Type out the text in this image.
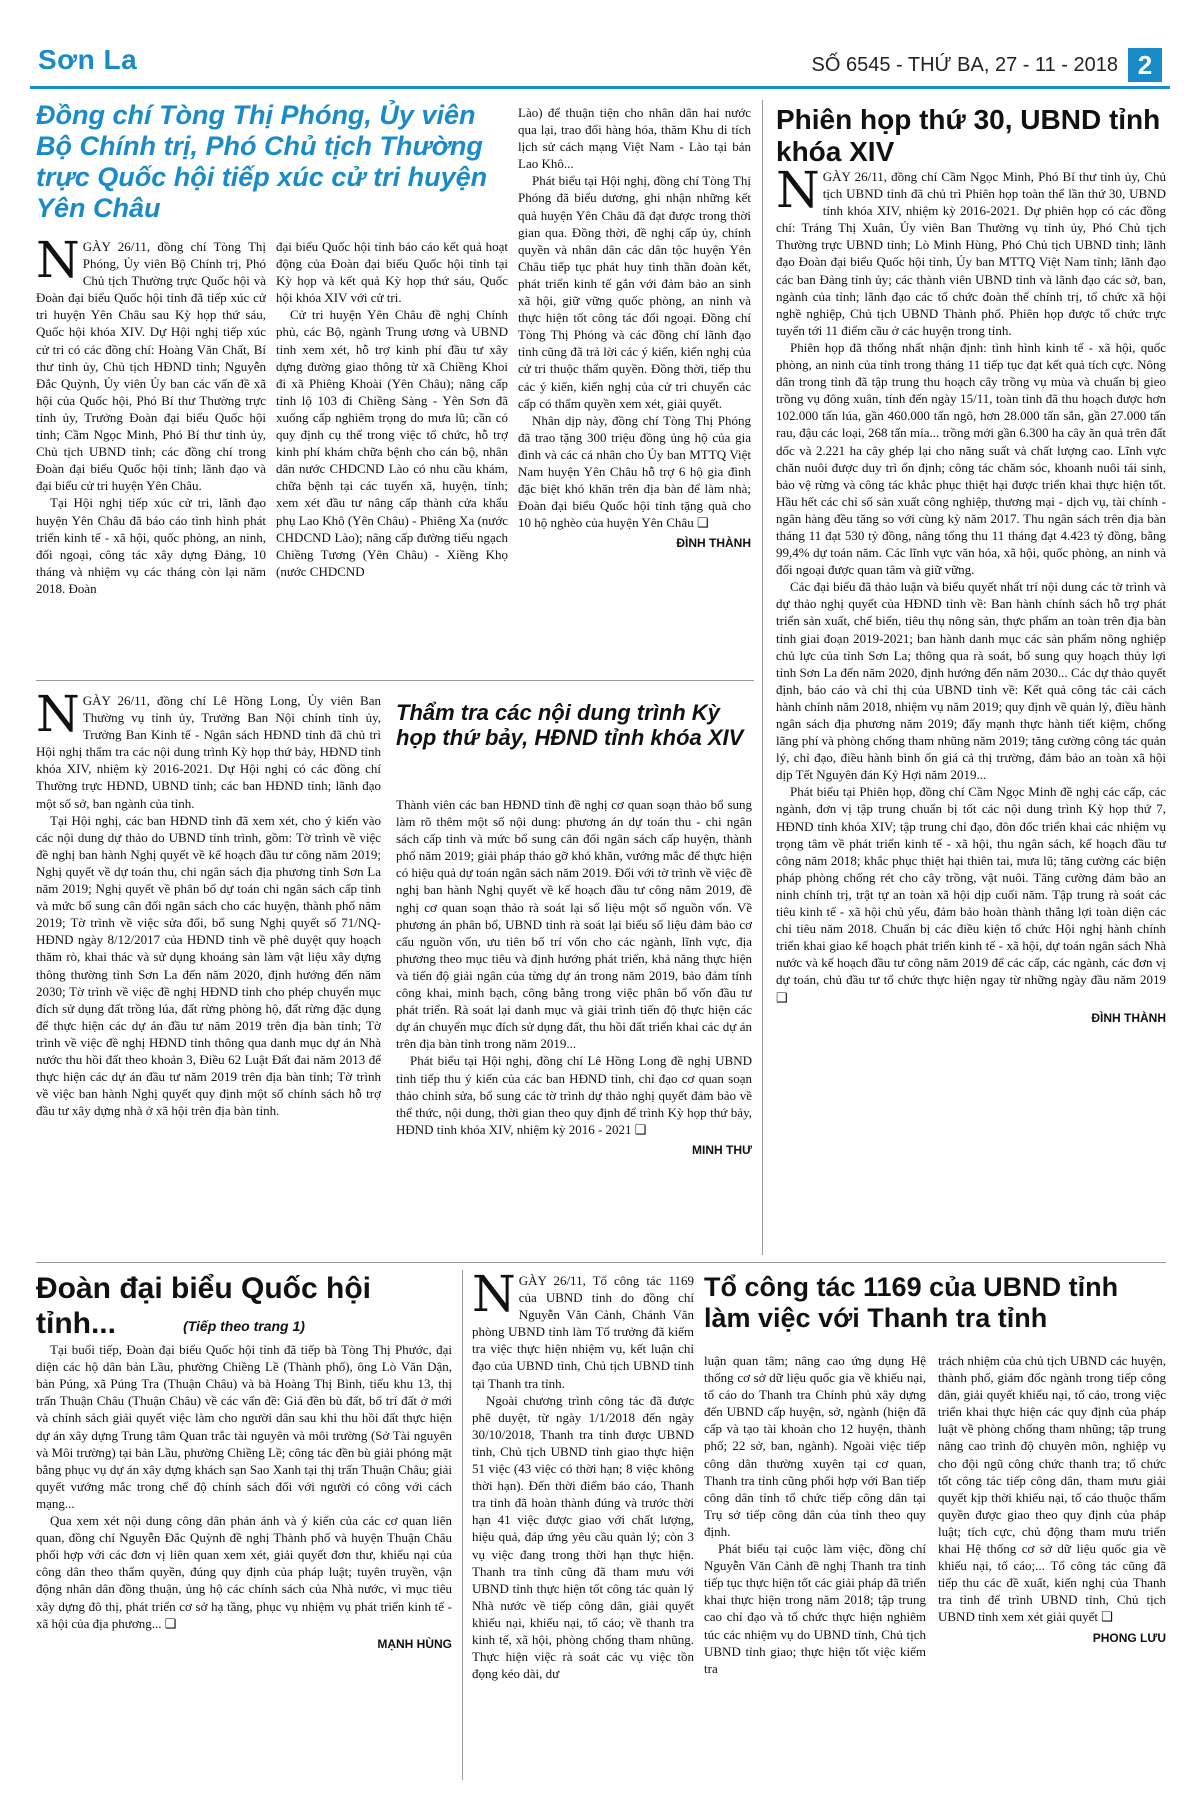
Sơn La	SỐ 6545 - THỨ BA, 27 - 11 - 2018 2
Đồng chí Tòng Thị Phóng, Ủy viên Bộ Chính trị, Phó Chủ tịch Thường trực Quốc hội tiếp xúc cử tri huyện Yên Châu

NGÀY 26/11, đồng chí Tòng Thị Phóng, Ủy viên Bộ Chính trị, Phó Chủ tịch Thường trực Quốc hội và Đoàn đại biểu Quốc hội tỉnh đã tiếp xúc cử tri huyện Yên Châu sau Kỳ họp thứ sáu, Quốc hội khóa XIV. Dự Hội nghị tiếp xúc cử tri có các đồng chí: Hoàng Văn Chất, Bí thư tỉnh ủy, Chủ tịch HĐND tỉnh; Nguyễn Đắc Quỳnh, Ủy viên Ủy ban các vấn đề xã hội của Quốc hội, Phó Bí thư Thường trực tỉnh ủy, Trưởng Đoàn đại biểu Quốc hội tỉnh; Cầm Ngọc Minh, Phó Bí thư tỉnh ủy, Chủ tịch UBND tỉnh; các đồng chí trong Đoàn đại biểu Quốc hội tỉnh; lãnh đạo và đại biểu cử tri huyện Yên Châu.

Tại Hội nghị tiếp xúc cử tri, lãnh đạo huyện Yên Châu đã báo cáo tình hình phát triển kinh tế - xã hội, quốc phòng, an ninh, đối ngoại, công tác xây dựng Đảng, 10 tháng và nhiệm vụ các tháng còn lại năm 2018. Đoàn

đại biểu Quốc hội tỉnh báo cáo kết quả hoạt động của Đoàn đại biểu Quốc hội tỉnh tại Kỳ họp và kết quả Kỳ họp thứ sáu, Quốc hội khóa XIV với cử tri.

Cử tri huyện Yên Châu đề nghị Chính phủ, các Bộ, ngành Trung ương và UBND tỉnh xem xét, hỗ trợ kinh phí đầu tư xây dựng đường giao thông từ xã Chiềng Khoi đi xã Phiêng Khoài (Yên Châu); nâng cấp tỉnh lộ 103 đi Chiềng Sàng - Yên Sơn đã xuống cấp nghiêm trọng do mưa lũ; cần có quy định cụ thể trong việc tổ chức, hỗ trợ kinh phí khám chữa bệnh cho cán bộ, nhân dân nước CHDCND Lào có nhu cầu khám, chữa bệnh tại các tuyến xã, huyện, tỉnh; xem xét đầu tư nâng cấp thành cửa khẩu phụ Lao Khô (Yên Châu) - Phiêng Xa (nước CHDCND Lào); nâng cấp đường tiểu ngạch Chiềng Tương (Yên Châu) - Xiềng Khọ (nước CHDCND

Lào) để thuận tiện cho nhân dân hai nước qua lại, trao đổi hàng hóa, thăm Khu di tích lịch sử cách mạng Việt Nam - Lào tại bản Lao Khô...

Phát biểu tại Hội nghị, đồng chí Tòng Thị Phóng đã biểu dương, ghi nhận những kết quả huyện Yên Châu đã đạt được trong thời gian qua. Đồng thời, đề nghị cấp ủy, chính quyền và nhân dân các dân tộc huyện Yên Châu tiếp tục phát huy tinh thần đoàn kết, phát triển kinh tế gắn với đảm bảo an sinh xã hội, giữ vững quốc phòng, an ninh và thực hiện tốt công tác đối ngoại. Đồng chí Tòng Thị Phóng và các đồng chí lãnh đạo tỉnh cũng đã trả lời các ý kiến, kiến nghị của cử tri thuộc thẩm quyền. Đồng thời, tiếp thu các ý kiến, kiến nghị của cử tri chuyển các cấp có thẩm quyền xem xét, giải quyết.

Nhân dịp này, đồng chí Tòng Thị Phóng đã trao tặng 300 triệu đồng ủng hộ của gia đình và các cá nhân cho Ủy ban MTTQ Việt Nam huyện Yên Châu hỗ trợ 6 hộ gia đình đặc biệt khó khăn trên địa bàn để làm nhà; Đoàn đại biểu Quốc hội tỉnh tặng quà cho 10 hộ nghèo của huyện Yên Châu ❑

ĐÌNH THÀNH
Phiên họp thứ 30, UBND tỉnh khóa XIV

NGÀY 26/11, đồng chí Cầm Ngọc Minh, Phó Bí thư tỉnh ủy, Chủ tịch UBND tỉnh đã chủ trì Phiên họp toàn thể lần thứ 30, UBND tỉnh khóa XIV, nhiệm kỳ 2016-2021. Dự phiên họp có các đồng chí: Tráng Thị Xuân, Ủy viên Ban Thường vụ tỉnh ủy, Phó Chủ tịch Thường trực UBND tỉnh; Lò Minh Hùng, Phó Chủ tịch UBND tỉnh; lãnh đạo Đoàn đại biểu Quốc hội tỉnh, Ủy ban MTTQ Việt Nam tỉnh; lãnh đạo các ban Đảng tỉnh ủy; các thành viên UBND tỉnh và lãnh đạo các sở, ban, ngành của tỉnh; lãnh đạo các tổ chức đoàn thể chính trị, tổ chức xã hội nghề nghiệp, Chủ tịch UBND Thành phố. Phiên họp được tổ chức trực tuyến tới 11 điểm cầu ở các huyện trong tỉnh.

Phiên họp đã thống nhất nhận định: tình hình kinh tế - xã hội, quốc phòng, an ninh của tỉnh trong tháng 11 tiếp tục đạt kết quả tích cực. Nông dân trong tỉnh đã tập trung thu hoạch cây trồng vụ mùa và chuẩn bị gieo trồng vụ đông xuân, tính đến ngày 15/11, toàn tỉnh đã thu hoạch được hơn 102.000 tấn lúa, gần 460.000 tấn ngô, hơn 28.000 tấn sắn, gần 27.000 tấn rau, đậu các loại, 268 tấn mía... trồng mới gần 6.300 ha cây ăn quả trên đất dốc và 2.221 ha cây ghép lại cho năng suất và chất lượng cao. Lĩnh vực chăn nuôi được duy trì ổn định; công tác chăm sóc, khoanh nuôi tái sinh, bảo vệ rừng và công tác khắc phục thiệt hại được triển khai thực hiện tốt. Hầu hết các chỉ số sản xuất công nghiệp, thương mại - dịch vụ, tài chính - ngân hàng đều tăng so với cùng kỳ năm 2017. Thu ngân sách trên địa bàn tháng 11 đạt 530 tỷ đồng, nâng tổng thu 11 tháng đạt 4.423 tỷ đồng, bằng 99,4% dự toán năm. Các lĩnh vực văn hóa, xã hội, quốc phòng, an ninh và đối ngoại được quan tâm và giữ vững.

Các đại biểu đã thảo luận và biểu quyết nhất trí nội dung các tờ trình và dự thảo nghị quyết của HĐND tỉnh về: Ban hành chính sách hỗ trợ phát triển sản xuất, chế biến, tiêu thụ nông sản, thực phẩm an toàn trên địa bàn tỉnh giai đoạn 2019-2021; ban hành danh mục các sản phẩm nông nghiệp chủ lực của tỉnh Sơn La; thông qua rà soát, bổ sung quy hoạch thủy lợi tỉnh Sơn La đến năm 2020, định hướng đến năm 2030... Các dự thảo quyết định, báo cáo và chỉ thị của UBND tỉnh về: Kết quả công tác cải cách hành chính năm 2018, nhiệm vụ năm 2019; quy định về quản lý, điều hành ngân sách địa phương năm 2019; đẩy mạnh thực hành tiết kiệm, chống lãng phí và phòng chống tham nhũng năm 2019; tăng cường công tác quản lý, chỉ đạo, điều hành bình ổn giá cả thị trường, đảm bảo an toàn xã hội dịp Tết Nguyên đán Kỷ Hợi năm 2019...

Phát biểu tại Phiên họp, đồng chí Cầm Ngọc Minh đề nghị các cấp, các ngành, đơn vị tập trung chuẩn bị tốt các nội dung trình Kỳ họp thứ 7, HĐND tỉnh khóa XIV; tập trung chỉ đạo, đôn đốc triển khai các nhiệm vụ trọng tâm về phát triển kinh tế - xã hội, thu ngân sách, kế hoạch đầu tư công năm 2018; khắc phục thiệt hại thiên tai, mưa lũ; tăng cường các biện pháp phòng chống rét cho cây trồng, vật nuôi. Tăng cường đảm bảo an ninh chính trị, trật tự an toàn xã hội dịp cuối năm. Tập trung rà soát các tiêu kinh tế - xã hội chủ yếu, đảm bảo hoàn thành thắng lợi toàn diện các chỉ tiêu năm 2018. Chuẩn bị các điều kiện tổ chức Hội nghị hành chính triển khai giao kế hoạch phát triển kinh tế - xã hội, dự toán ngân sách Nhà nước và kế hoạch đầu tư công năm 2019 để các cấp, các ngành, các đơn vị dự toán, chủ đầu tư tổ chức thực hiện ngay từ những ngày đầu năm 2019 ❑

ĐÌNH THÀNH

NGÀY 26/11, đồng chí Lê Hồng Long, Ủy viên Ban Thường vụ tỉnh ủy, Trưởng Ban Nội chính tỉnh ủy, Trưởng Ban Kinh tế - Ngân sách HĐND tỉnh đã chủ trì Hội nghị thẩm tra các nội dung trình Kỳ họp thứ bảy, HĐND tỉnh khóa XIV, nhiệm kỳ 2016-2021. Dự Hội nghị có các đồng chí Thường trực HĐND, UBND tỉnh; các ban HĐND tỉnh; lãnh đạo một số sở, ban ngành của tỉnh.

Tại Hội nghị, các ban HĐND tỉnh đã xem xét, cho ý kiến vào các nội dung dự thảo do UBND tỉnh trình, gồm: Tờ trình về việc đề nghị ban hành Nghị quyết về kế hoạch đầu tư công năm 2019; Nghị quyết về dự toán thu, chi ngân sách địa phương tỉnh Sơn La năm 2019; Nghị quyết về phân bổ dự toán chi ngân sách cấp tỉnh và mức bổ sung cân đối ngân sách cho các huyện, thành phố năm 2019; Tờ trình về việc sửa đổi, bổ sung Nghị quyết số 71/NQ-HĐND ngày 8/12/2017 của HĐND tỉnh về phê duyệt quy hoạch thăm rò, khai thác và sử dụng khoáng sản làm vật liệu xây dựng thông thường tỉnh Sơn La đến năm 2020, định hướng đến năm 2030; Tờ trình về việc đề nghị HĐND tỉnh cho phép chuyển mục đích sử dụng đất trồng lúa, đất rừng phòng hộ, đất rừng đặc dụng để thực hiện các dự án đầu tư năm 2019 trên địa bàn tỉnh; Tờ trình về việc đề nghị HĐND tỉnh thông qua danh mục dự án Nhà nước thu hồi đất theo khoản 3, Điều 62 Luật Đất đai năm 2013 để thực hiện các dự án đầu tư năm 2019 trên địa bàn tỉnh; Tờ trình về việc ban hành Nghị quyết quy định một số chính sách hỗ trợ đầu tư xây dựng nhà ở xã hội trên địa bàn tỉnh.

Thẩm tra các nội dung trình Kỳ họp thứ bảy, HĐND tỉnh khóa XIV

Thành viên các ban HĐND tỉnh đề nghị cơ quan soạn thảo bổ sung làm rõ thêm một số nội dung: phương án dự toán thu - chi ngân sách cấp tỉnh và mức bổ sung cân đối ngân sách cấp huyện, thành phố năm 2019; giải pháp tháo gỡ khó khăn, vướng mắc để thực hiện có hiệu quả dự toán ngân sách năm 2019. Đối với tờ trình về việc đề nghị ban hành Nghị quyết về kế hoạch đầu tư công năm 2019, đề nghị cơ quan soạn thảo rà soát lại số liệu một số nguồn vốn. Về phương án phân bổ, UBND tỉnh rà soát lại biểu số liệu đảm bảo cơ cấu nguồn vốn, ưu tiên bố trí vốn cho các ngành, lĩnh vực, địa phương theo mục tiêu và định hướng phát triển, khả năng thực hiện và tiến độ giải ngân của từng dự án trong năm 2019, bảo đảm tính công khai, minh bạch, công bằng trong việc phân bổ vốn đầu tư phát triển. Rà soát lại danh mục và giải trình tiến độ thực hiện các dự án chuyển mục đích sử dụng đất, thu hồi đất triển khai các dự án trên địa bàn tỉnh trong năm 2019...

Phát biểu tại Hội nghị, đồng chí Lê Hồng Long đề nghị UBND tỉnh tiếp thu ý kiến của các ban HĐND tỉnh, chỉ đạo cơ quan soạn thảo chỉnh sửa, bổ sung các tờ trình dự thảo nghị quyết đảm bảo về thể thức, nội dung, thời gian theo quy định để trình Kỳ họp thứ bảy, HĐND tỉnh khóa XIV, nhiệm kỳ 2016 - 2021 ❑

MINH THƯ
Đoàn đại biểu Quốc hội tỉnh...	(Tiếp theo trang 1)

Tại buổi tiếp, Đoàn đại biểu Quốc hội tỉnh đã tiếp bà Tòng Thị Phước, đại diện các hộ dân bản Lầu, phường Chiềng Lề (Thành phố), ông Lò Văn Dận, bản Púng, xã Púng Tra (Thuận Châu) và bà Hoàng Thị Bình, tiểu khu 13, thị trấn Thuận Châu (Thuận Châu) về các vấn đề: Giá đền bù đất, bố trí đất ở mới và chính sách giải quyết việc làm cho người dân sau khi thu hồi đất thực hiện dự án xây dựng Trung tâm Quan trắc tài nguyên và môi trường (Sở Tài nguyên và Môi trường) tại bản Lầu, phường Chiềng Lề; công tác đền bù giải phóng mặt bằng phục vụ dự án xây dựng khách sạn Sao Xanh tại thị trấn Thuận Châu; giải quyết vướng mắc trong chế độ chính sách đối với người có công với cách mạng...

Qua xem xét nội dung công dân phản ánh và ý kiến của các cơ quan liên quan, đồng chí Nguyễn Đắc Quỳnh đề nghị Thành phố và huyện Thuận Châu phối hợp với các đơn vị liên quan xem xét, giải quyết đơn thư, khiếu nại của công dân theo thẩm quyền, đúng quy định của pháp luật; tuyên truyền, vận động nhân dân đồng thuận, ủng hộ các chính sách của Nhà nước, vì mục tiêu xây dựng đô thị, phát triển cơ sở hạ tầng, phục vụ nhiệm vụ phát triển kinh tế - xã hội của địa phương... ❑

MẠNH HÙNG

NGÀY 26/11, Tổ công tác 1169 của UBND tỉnh do đồng chí Nguyễn Văn Cảnh, Chánh Văn phòng UBND tỉnh làm Tổ trưởng đã kiểm tra việc thực hiện nhiệm vụ, kết luận chỉ đạo của UBND tỉnh, Chủ tịch UBND tỉnh tại Thanh tra tỉnh.

Ngoài chương trình công tác đã được phê duyệt, từ ngày 1/1/2018 đến ngày 30/10/2018, Thanh tra tỉnh được UBND tỉnh, Chủ tịch UBND tỉnh giao thực hiện 51 việc (43 việc có thời hạn; 8 việc không thời hạn). Đến thời điểm báo cáo, Thanh tra tỉnh đã hoàn thành đúng và trước thời hạn 41 việc được giao với chất lượng, hiệu quả, đáp ứng yêu cầu quản lý; còn 3 vụ việc đang trong thời hạn thực hiện. Thanh tra tỉnh cũng đã tham mưu với UBND tỉnh thực hiện tốt công tác quản lý Nhà nước về tiếp công dân, giải quyết khiếu nại, khiếu nại, tố cáo; về thanh tra kinh tế, xã hội, phòng chống tham nhũng. Thực hiện việc rà soát các vụ việc tồn đọng kéo dài, dư

Tổ công tác 1169 của UBND tỉnh làm việc với Thanh tra tỉnh

luận quan tâm; nâng cao ứng dụng Hệ thống cơ sở dữ liệu quốc gia về khiếu nại, tố cáo do Thanh tra Chính phủ xây dựng đến UBND cấp huyện, sở, ngành (hiện đã cấp và tạo tài khoản cho 12 huyện, thành phố; 22 sở, ban, ngành). Ngoài việc tiếp công dân thường xuyên tại cơ quan, Thanh tra tỉnh cũng phối hợp với Ban tiếp công dân tỉnh tổ chức tiếp công dân tại Trụ sở tiếp công dân của tỉnh theo quy định.

Phát biểu tại cuộc làm việc, đồng chí Nguyễn Văn Cảnh đề nghị Thanh tra tỉnh tiếp tục thực hiện tốt các giải pháp đã triển khai thực hiện trong năm 2018; tập trung cao chỉ đạo và tổ chức thực hiện nghiêm túc các nhiệm vụ do UBND tỉnh, Chủ tịch UBND tỉnh giao; thực hiện tốt việc kiểm tra

trách nhiệm của chủ tịch UBND các huyện, thành phố, giám đốc ngành trong tiếp công dân, giải quyết khiếu nại, tố cáo, trong việc triển khai thực hiện các quy định của pháp luật về phòng chống tham nhũng; tập trung nâng cao trình độ chuyên môn, nghiệp vụ cho đội ngũ công chức thanh tra; tổ chức tốt công tác tiếp công dân, tham mưu giải quyết kịp thời khiếu nại, tố cáo thuộc thẩm quyền được giao theo quy định của pháp luật; tích cực, chủ động tham mưu triển khai Hệ thống cơ sở dữ liệu quốc gia về khiếu nại, tố cáo;... Tổ công tác cũng đã tiếp thu các đề xuất, kiến nghị của Thanh tra tỉnh để trình UBND tỉnh, Chủ tịch UBND tỉnh xem xét giải quyết ❑

PHONG LƯU
